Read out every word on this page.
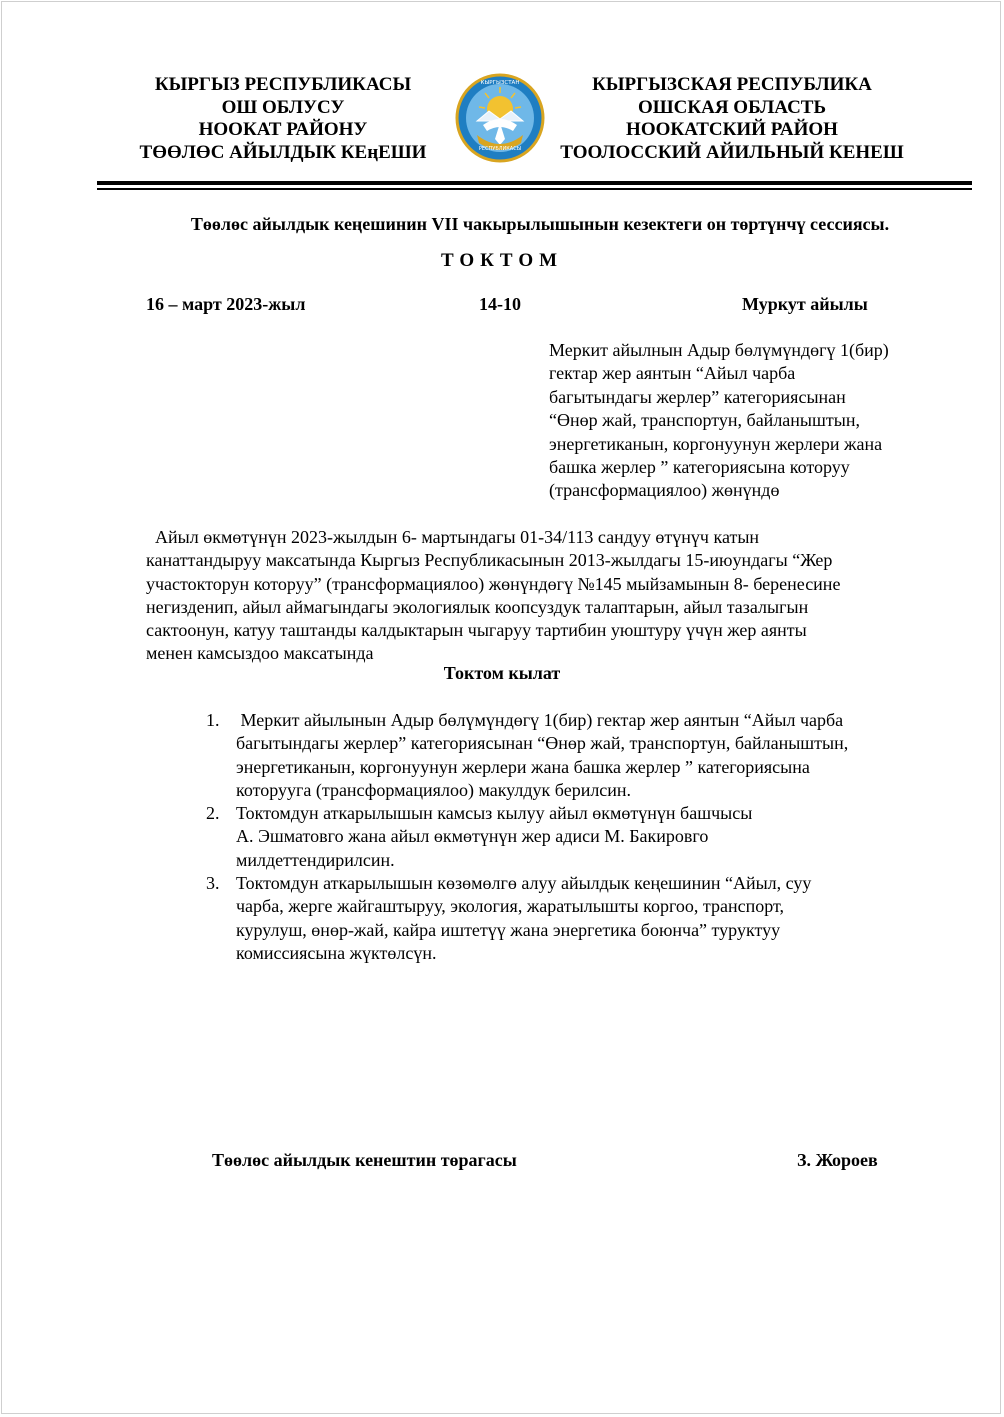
КЫРГЫЗ РЕСПУБЛИКАСЫ
ОШ ОБЛУСУ
НООКАТ РАЙОНУ
ТӨӨЛӨС АЙЫЛДЫК КЕңЕШИ	РЕСПУБЛИКАСЫ
КЫРГЫЗСТАН	КЫРГЫЗСКАЯ РЕСПУБЛИКА
ОШСКАЯ ОБЛАСТЬ
НООКАТСКИЙ РАЙОН
ТООЛОССКИЙ АЙИЛЬНЫЙ КЕНЕШ
Төөлөс айылдык кеңешинин VII чакырылышынын кезектеги он төртүнчү сессиясы.
ТОКТОМ
16 – март 2023-жыл	14-10	Муркут айылы
Меркит айылнын Адыр бөлүмүндөгү 1(бир)
гектар жер аянтын “Айыл чарба
багытындагы жерлер” категориясынан
“Өнөр жай, транспортун, байланыштын,
энергетиканын, коргонуунун жерлери жана
башка жерлер ” категориясына которуу
(трансформациялоо) жөнүндө
Айыл өкмөтүнүн 2023-жылдын 6- мартындагы 01-34/113 сандуу өтүнүч катын
канаттандыруу максатында Кыргыз Республикасынын 2013-жылдагы 15-июундагы “Жер
участокторун которуу” (трансформациялоо) жөнүндөгү №145 мыйзамынын 8- беренесине
негизденип, айыл аймагындагы экологиялык коопсуздук талаптарын, айыл тазалыгын
сактоонун, катуу таштанды калдыктарын чыгаруу тартибин уюштуру үчүн жер аянты
менен камсыздоо максатында
Токтом кылат
1. Меркит айылынын Адыр бөлүмүндөгү 1(бир) гектар жер аянтын “Айыл чарба
багытындагы жерлер” категориясынан “Өнөр жай, транспортун, байланыштын,
энергетиканын, коргонуунун жерлери жана башка жерлер ” категориясына
которууга (трансформациялоо) макулдук берилсин.
2. Токтомдун аткарылышын камсыз кылуу айыл өкмөтүнүн башчысы
А. Эшматовго жана айыл өкмөтүнүн жер адиси М. Бакировго
милдеттендирилсин.
3. Токтомдун аткарылышын көзөмөлгө алуу айылдык кеңешинин “Айыл, суу
чарба, жерге жайгаштыруу, экология, жаратылышты коргоо, транспорт,
курулуш, өнөр-жай, кайра иштетүү жана энергетика боюнча” туруктуу
комиссиясына жүктөлсүн.
Төөлөс айылдык кенештин төрагасы	З. Жороев
